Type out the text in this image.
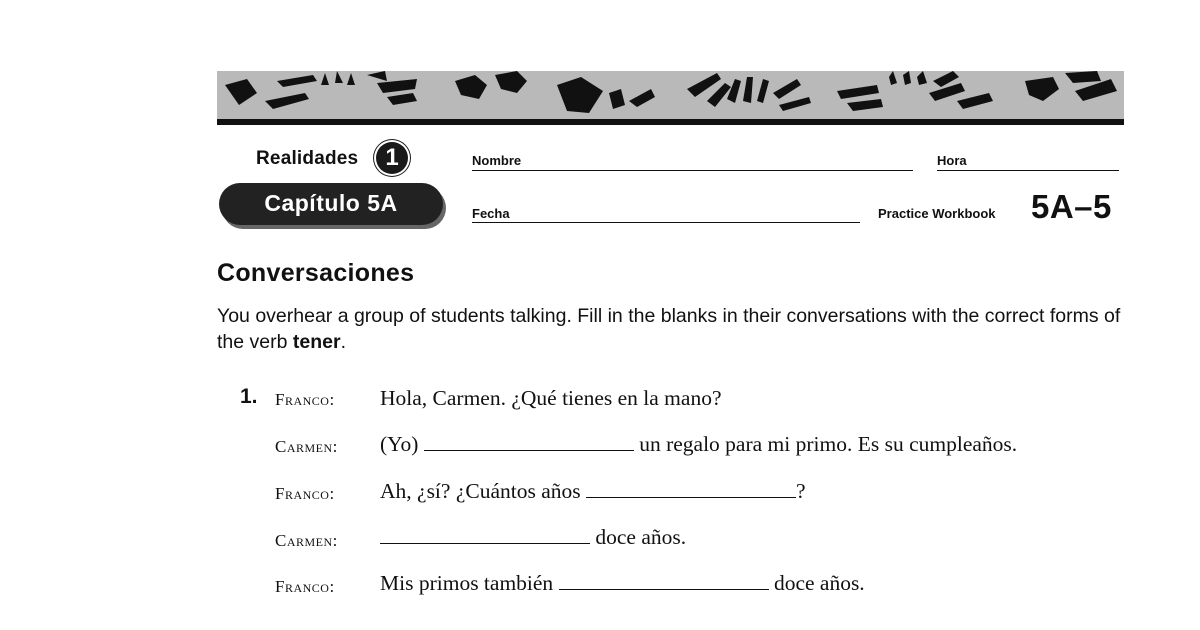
Realidades	1
Capítulo 5A
Nombre	Hora
Fecha	Practice Workbook 5A–5
Conversaciones
You overhear a group of students talking. Fill in the blanks in their conversations with the correct forms of the verb tener.
1. Franco: Hola, Carmen. ¿Qué tienes en la mano?
Carmen: (Yo)	un regalo para mi primo. Es su cumpleaños.
Franco: Ah, ¿sí? ¿Cuántos años	?
Carmen:	doce años.
Franco: Mis primos también	doce años.
